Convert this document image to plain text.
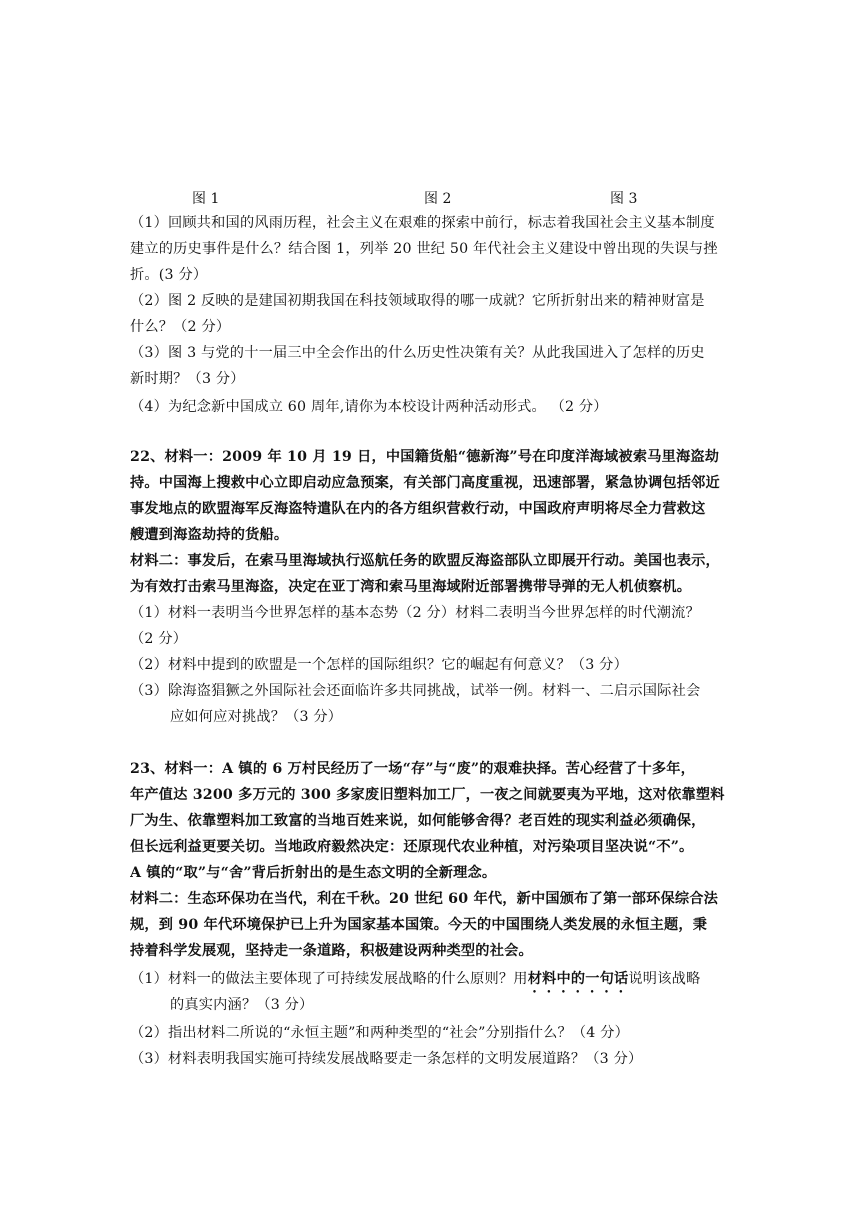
图 1	图 2	图 3
（1）回顾共和国的风雨历程，社会主义在艰难的探索中前行，标志着我国社会主义基本制度
建立的历史事件是什么？结合图 1，列举 20 世纪 50 年代社会主义建设中曾出现的失误与挫
折。(3 分）
（2）图 2 反映的是建国初期我国在科技领域取得的哪一成就？它所折射出来的精神财富是
什么？（2 分）
（3）图 3 与党的十一届三中全会作出的什么历史性决策有关？从此我国进入了怎样的历史
新时期？（3 分）
（4）为纪念新中国成立 60 周年,请你为本校设计两种活动形式。 （2 分）
22、材料一：2009 年 10 月 19 日，中国籍货船“德新海”号在印度洋海域被索马里海盗劫
持。中国海上搜救中心立即启动应急预案，有关部门高度重视，迅速部署，紧急协调包括邻近
事发地点的欧盟海军反海盗特遣队在内的各方组织营救行动，中国政府声明将尽全力营救这
艘遭到海盗劫持的货船。
材料二：事发后，在索马里海域执行巡航任务的欧盟反海盗部队立即展开行动。美国也表示，
为有效打击索马里海盗，决定在亚丁湾和索马里海域附近部署携带导弹的无人机侦察机。
（1）材料一表明当今世界怎样的基本态势（2 分）材料二表明当今世界怎样的时代潮流？
（2 分）
（2）材料中提到的欧盟是一个怎样的国际组织？它的崛起有何意义？（3 分）
（3）除海盗猖獗之外国际社会还面临许多共同挑战，试举一例。材料一、二启示国际社会
应如何应对挑战？（3 分）
23、材料一：A 镇的 6 万村民经历了一场“存”与“废”的艰难抉择。苦心经营了十多年，
年产值达 3200 多万元的 300 多家废旧塑料加工厂，一夜之间就要夷为平地，这对依靠塑料
厂为生、依靠塑料加工致富的当地百姓来说，如何能够舍得？老百姓的现实利益必须确保，
但长远利益更要关切。当地政府毅然决定：还原现代农业种植，对污染项目坚决说“不”。
A 镇的“取”与“舍”背后折射出的是生态文明的全新理念。
材料二：生态环保功在当代，利在千秋。20 世纪 60 年代，新中国颁布了第一部环保综合法
规，到 90 年代环境保护已上升为国家基本国策。今天的中国围绕人类发展的永恒主题，秉
持着科学发展观，坚持走一条道路，积极建设两种类型的社会。
（1）材料一的做法主要体现了可持续发展战略的什么原则？用材料中的一句话说明该战略
的真实内涵？（3 分）
（2）指出材料二所说的“永恒主题”和两种类型的“社会”分别指什么？（4 分）
（3）材料表明我国实施可持续发展战略要走一条怎样的文明发展道路？（3 分）
